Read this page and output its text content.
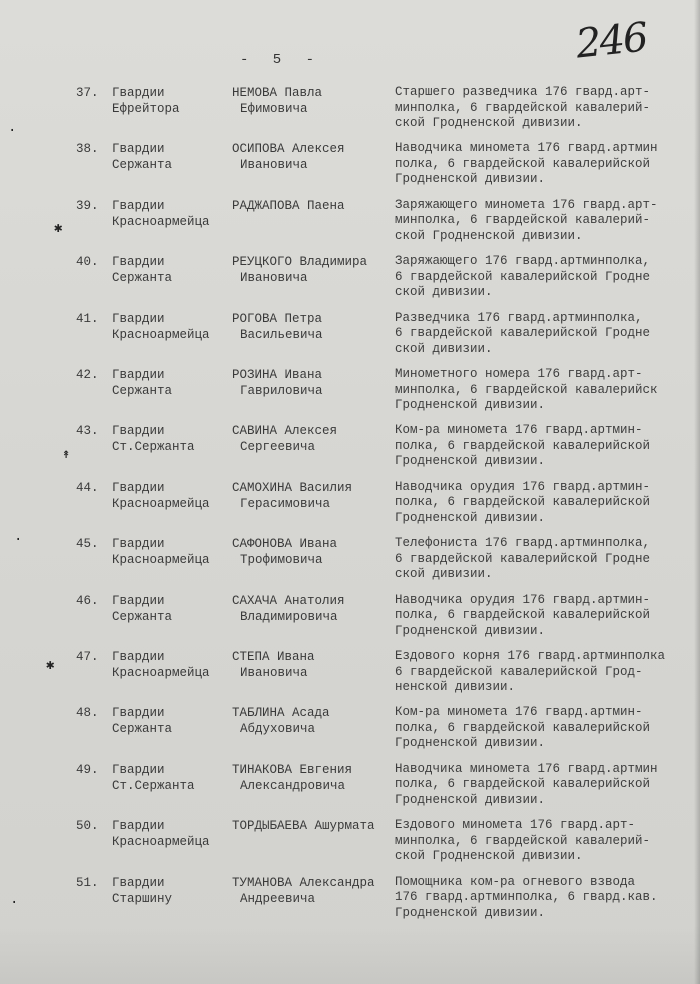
- 5 -	246
·
✱
↟
·
✱
·
37. Гвардии
Ефрейтора
НЕМОВА Павла
Ефимовича
Старшего разведчика 176 гвард.арт-
минполка, 6 гвардейской кавалерий-
ской Гродненской дивизии.
38. Гвардии
Сержанта
ОСИПОВА Алексея
Ивановича
Наводчика миномета 176 гвард.артмин
полка, 6 гвардейской кавалерийской
Гродненской дивизии.
39. Гвардии
Красноармейца
РАДЖАПОВА Паена	Заряжающего миномета 176 гвард.арт-
минполка, 6 гвардейской кавалерий-
ской Гродненской дивизии.
40. Гвардии
Сержанта
РЕУЦКОГО Владимира
Ивановича
Заряжающего 176 гвард.артминполка,
6 гвардейской кавалерийской Гродне
ской дивизии.
41. Гвардии
Красноармейца
РОГОВА Петра
Васильевича
Разведчика 176 гвард.артминполка,
6 гвардейской кавалерийской Гродне
ской дивизии.
42. Гвардии
Сержанта
РОЗИНА Ивана
Гавриловича
Минометного номера 176 гвард.арт-
минполка, 6 гвардейской кавалерийск
Гродненской дивизии.
43. Гвардии
Ст.Сержанта
САВИНА Алексея
Сергеевича
Ком-ра миномета 176 гвард.артмин-
полка, 6 гвардейской кавалерийской
Гродненской дивизии.
44. Гвардии
Красноармейца
САМОХИНА Василия
Герасимовича
Наводчика орудия 176 гвард.артмин-
полка, 6 гвардейской кавалерийской
Гродненской дивизии.
45. Гвардии
Красноармейца
САФОНОВА Ивана
Трофимовича
Телефониста 176 гвард.артминполка,
6 гвардейской кавалерийской Гродне
ской дивизии.
46. Гвардии
Сержанта
САХАЧА Анатолия
Владимировича
Наводчика орудия 176 гвард.артмин-
полка, 6 гвардейской кавалерийской
Гродненской дивизии.
47. Гвардии
Красноармейца
СТЕПА Ивана
Ивановича
Ездового корня 176 гвард.артминполка
6 гвардейской кавалерийской Грод-
ненской дивизии.
48. Гвардии
Сержанта
ТАБЛИНА Асада
Абдуховича
Ком-ра миномета 176 гвард.артмин-
полка, 6 гвардейской кавалерийской
Гродненской дивизии.
49. Гвардии
Ст.Сержанта
ТИНАКОВА Евгения
Александровича
Наводчика миномета 176 гвард.артмин
полка, 6 гвардейской кавалерийской
Гродненской дивизии.
50. Гвардии
Красноармейца
ТОРДЫБАЕВА Ашурмата Ездового миномета 176 гвард.арт-
минполка, 6 гвардейской кавалерий-
ской Гродненской дивизии.
51. Гвардии
Старшину
ТУМАНОВА Александра
Андреевича
Помощника ком-ра огневого взвода
176 гвард.артминполка, 6 гвард.кав.
Гродненской дивизии.
